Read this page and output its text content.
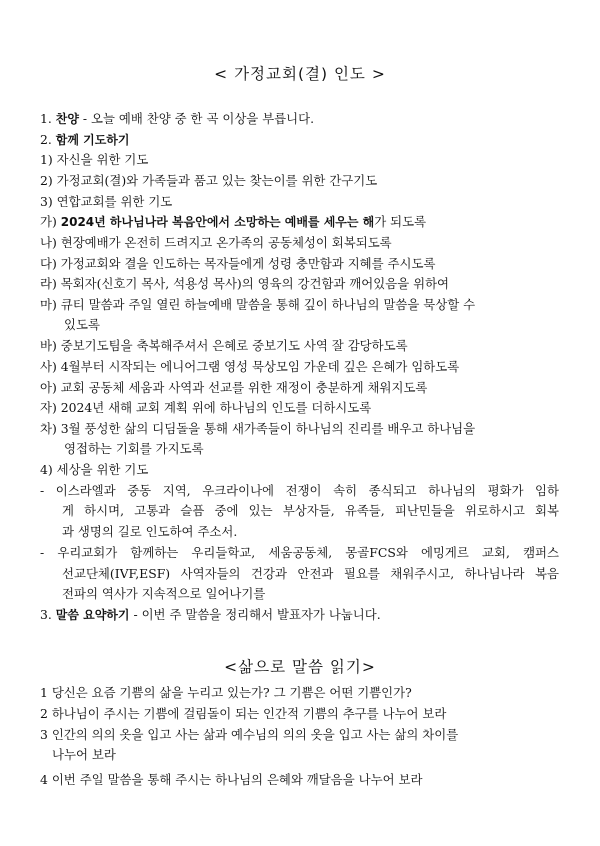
< 가정교회(결) 인도 >
1. 찬양 - 오늘 예배 찬양 중 한 곡 이상을 부릅니다.
2. 함께 기도하기
1) 자신을 위한 기도
2) 가정교회(결)와 가족들과 품고 있는 찾는이를 위한 간구기도
3) 연합교회를 위한 기도
가) 2024년 하나님나라 복음안에서 소망하는 예배를 세우는 해가 되도록
나) 현장예배가 온전히 드려지고 온가족의 공동체성이 회복되도록
다) 가정교회와 결을 인도하는 목자들에게 성령 충만함과 지혜를 주시도록
라) 목회자(신호기 목사, 석용성 목사)의 영육의 강건함과 깨어있음을 위하여
마) 큐티 말씀과 주일 열린 하늘예배 말씀을 통해 깊이 하나님의 말씀을 묵상할 수
있도록
바) 중보기도팀을 축복해주셔서 은혜로 중보기도 사역 잘 감당하도록
사) 4월부터 시작되는 에니어그램 영성 묵상모임 가운데 깊은 은혜가 임하도록
아) 교회 공동체 세움과 사역과 선교를 위한 재정이 충분하게 채워지도록
자) 2024년 새해 교회 계획 위에 하나님의 인도를 더하시도록
차) 3월 풍성한 삶의 디딤돌을 통해 새가족들이 하나님의 진리를 배우고 하나님을
영접하는 기회를 가지도록
4) 세상을 위한 기도
- 이스라엘과 중동 지역, 우크라이나에 전쟁이 속히 종식되고 하나님의 평화가 임하
게 하시며, 고통과 슬픔 중에 있는 부상자들, 유족들, 피난민들을 위로하시고 회복
과 생명의 길로 인도하여 주소서.
- 우리교회가 함께하는 우리들학교, 세움공동체, 몽골FCS와 에밍게르 교회, 캠퍼스
선교단체(IVF,ESF) 사역자들의 건강과 안전과 필요를 채워주시고, 하나님나라 복음
전파의 역사가 지속적으로 일어나기를
3. 말씀 요약하기 - 이번 주 말씀을 정리해서 발표자가 나눕니다.
<삶으로 말씀 읽기>
1 당신은 요즘 기쁨의 삶을 누리고 있는가? 그 기쁨은 어떤 기쁨인가?
2 하나님이 주시는 기쁨에 걸림돌이 되는 인간적 기쁨의 추구를 나누어 보라
3 인간의 의의 옷을 입고 사는 삶과 예수님의 의의 옷을 입고 사는 삶의 차이를
나누어 보라
4 이번 주일 말씀을 통해 주시는 하나님의 은혜와 깨달음을 나누어 보라
